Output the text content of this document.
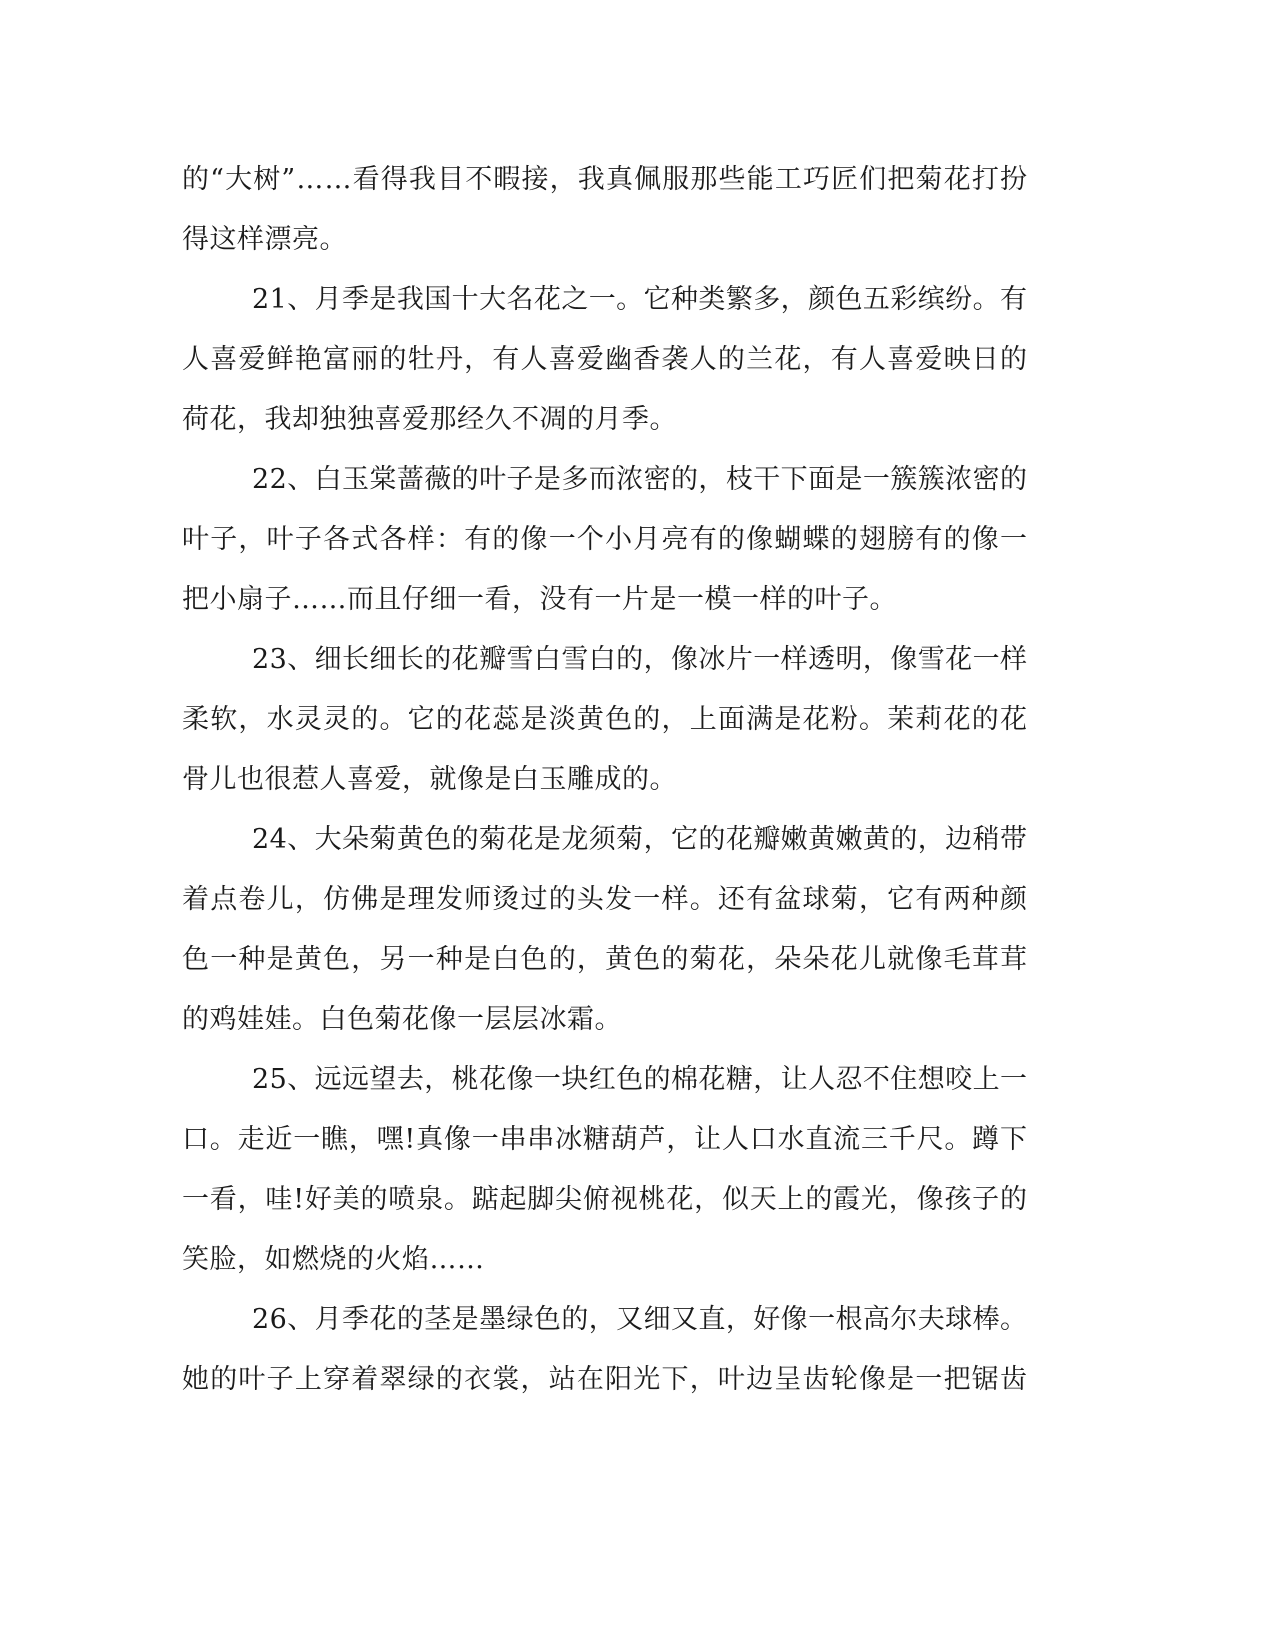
的“大树”……看得我目不暇接，我真佩服那些能工巧匠们把菊花打扮
得这样漂亮。
21、月季是我国十大名花之一。它种类繁多，颜色五彩缤纷。有
人喜爱鲜艳富丽的牡丹，有人喜爱幽香袭人的兰花，有人喜爱映日的
荷花，我却独独喜爱那经久不凋的月季。
22、白玉棠蔷薇的叶子是多而浓密的，枝干下面是一簇簇浓密的
叶子，叶子各式各样：有的像一个小月亮有的像蝴蝶的翅膀有的像一
把小扇子……而且仔细一看，没有一片是一模一样的叶子。
23、细长细长的花瓣雪白雪白的，像冰片一样透明，像雪花一样
柔软，水灵灵的。它的花蕊是淡黄色的，上面满是花粉。茉莉花的花
骨儿也很惹人喜爱，就像是白玉雕成的。
24、大朵菊黄色的菊花是龙须菊，它的花瓣嫩黄嫩黄的，边稍带
着点卷儿，仿佛是理发师烫过的头发一样。还有盆球菊，它有两种颜
色一种是黄色，另一种是白色的，黄色的菊花，朵朵花儿就像毛茸茸
的鸡娃娃。白色菊花像一层层冰霜。
25、远远望去，桃花像一块红色的棉花糖，让人忍不住想咬上一
口。走近一瞧，嘿!真像一串串冰糖葫芦，让人口水直流三千尺。蹲下
一看，哇!好美的喷泉。踮起脚尖俯视桃花，似天上的霞光，像孩子的
笑脸，如燃烧的火焰……
26、月季花的茎是墨绿色的，又细又直，好像一根高尔夫球棒。
她的叶子上穿着翠绿的衣裳，站在阳光下，叶边呈齿轮像是一把锯齿
